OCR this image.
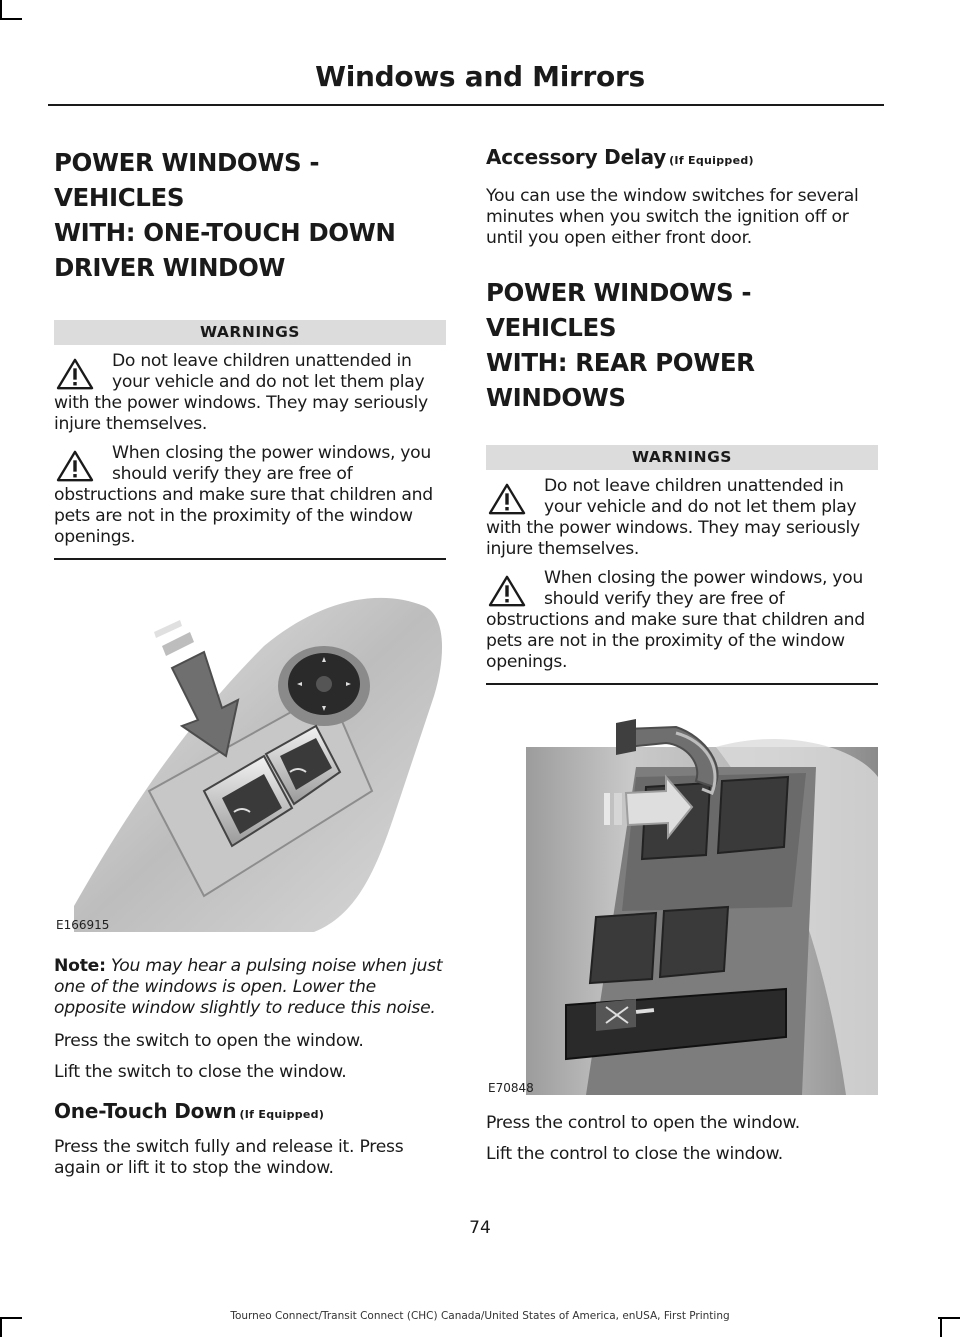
Windows and Mirrors
POWER WINDOWS - VEHICLES
WITH: ONE-TOUCH DOWN
DRIVER WINDOW
WARNINGS
Do not leave children unattended in your vehicle and do not let them play with the power windows. They may seriously injure themselves.
When closing the power windows, you should verify they are free of obstructions and make sure that children and pets are not in the proximity of the window openings.
E166915

Note: You may hear a pulsing noise when just one of the windows is open. Lower the opposite window slightly to reduce this noise.

Press the switch to open the window.

Lift the switch to close the window.

One-Touch Down (If Equipped)

Press the switch fully and release it. Press again or lift it to stop the window.

Accessory Delay (If Equipped)

You can use the window switches for several minutes when you switch the ignition off or until you open either front door.

POWER WINDOWS - VEHICLES
WITH: REAR POWER
WINDOWS
WARNINGS
Do not leave children unattended in your vehicle and do not let them play with the power windows. They may seriously injure themselves.
When closing the power windows, you should verify they are free of obstructions and make sure that children and pets are not in the proximity of the window openings.
E70848

Press the control to open the window.

Lift the control to close the window.

74
Tourneo Connect/Transit Connect (CHC) Canada/United States of America, enUSA, First Printing
